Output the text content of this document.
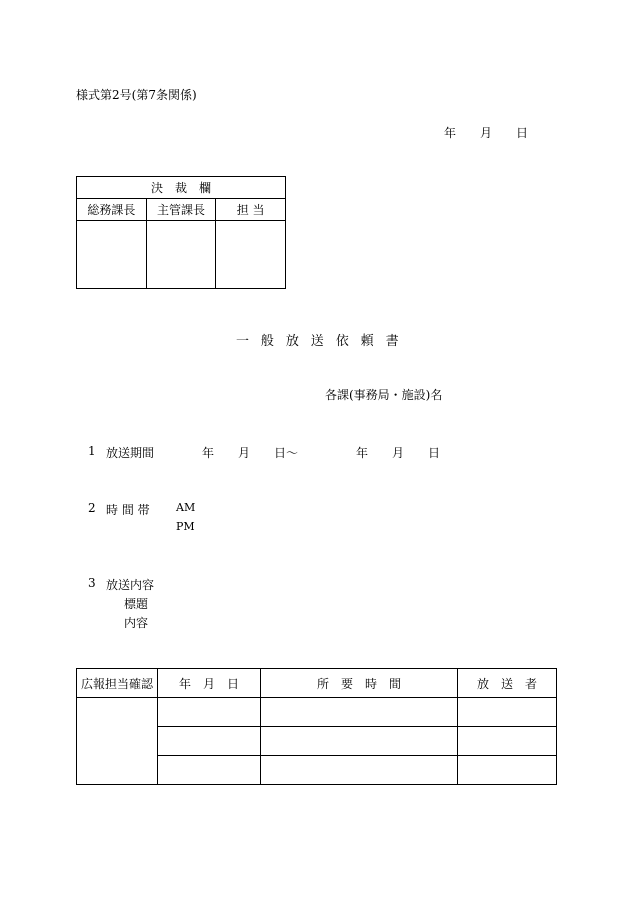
様式第2号(第7条関係)
年　　月　　日
決　裁　欄		
総務課長	主管課長	担 当

一 般 放 送 依 頼 書
各課(事務局・施設)名
1 放送期間	年　　月　　日～	年　　月　　日
2 時 間 帯 AM
PM
3 放送内容
標題
内容
広報担当確認	年　月　日	所　要　時　間	放　送　者
